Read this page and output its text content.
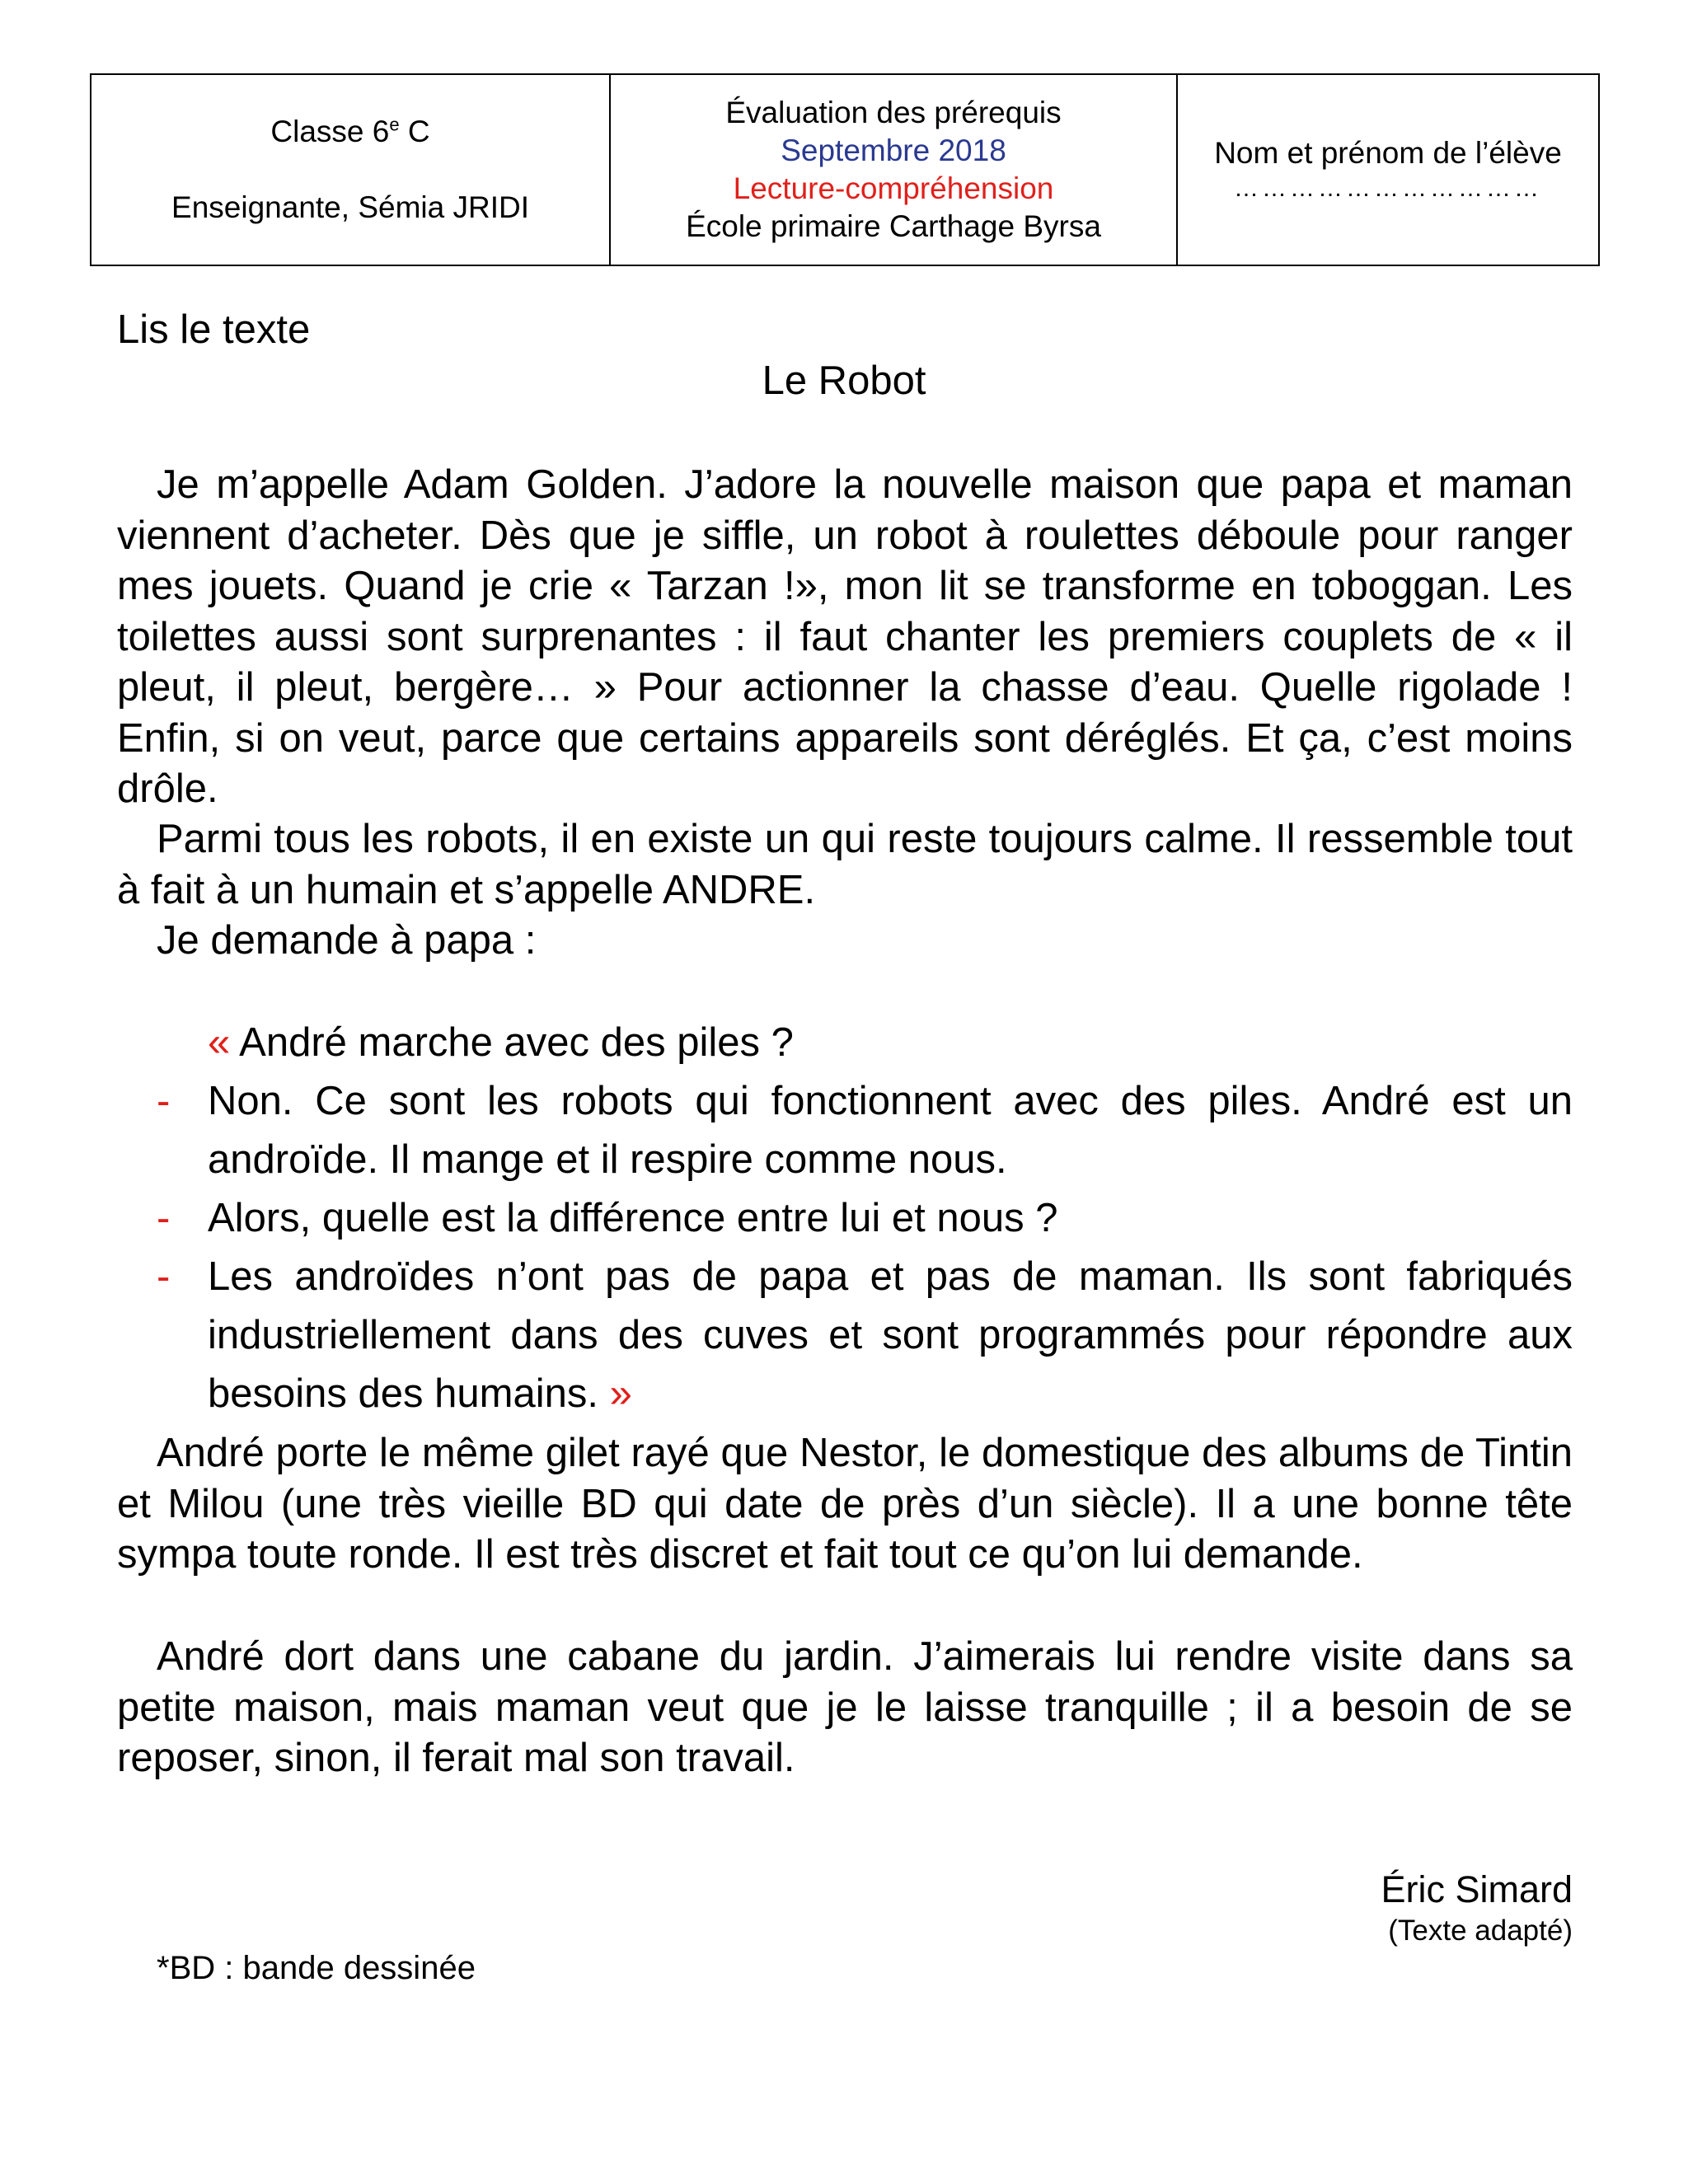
Classe 6e C
Enseignante, Sémia JRIDI
Évaluation des prérequis
Septembre 2018
Lecture-compréhension
École primaire Carthage Byrsa
Nom et prénom de l’élève
……………………………
Lis le texte
Le Robot

Je m’appelle Adam Golden. J’adore la nouvelle maison que papa et maman viennent d’acheter. Dès que je siffle, un robot à roulettes déboule pour ranger mes jouets. Quand je crie « Tarzan !», mon lit se transforme en toboggan. Les toilettes aussi sont surprenantes : il faut chanter les premiers couplets de « il pleut, il pleut, bergère… » Pour actionner la chasse d’eau. Quelle rigolade ! Enfin, si on veut, parce que certains appareils sont déréglés. Et ça, c’est moins drôle.

Parmi tous les robots, il en existe un qui reste toujours calme. Il ressemble tout à fait à un humain et s’appelle ANDRE.

Je demande à papa :

« André marche avec des piles ?
- Non. Ce sont les robots qui fonctionnent avec des piles. André est un androïde. Il mange et il respire comme nous.
- Alors, quelle est la différence entre lui et nous ?
- Les androïdes n’ont pas de papa et pas de maman. Ils sont fabriqués industriellement dans des cuves et sont programmés pour répondre aux besoins des humains. »

André porte le même gilet rayé que Nestor, le domestique des albums de Tintin et Milou (une très vieille BD qui date de près d’un siècle). Il a une bonne tête sympa toute ronde. Il est très discret et fait tout ce qu’on lui demande.

André dort dans une cabane du jardin. J’aimerais lui rendre visite dans sa petite maison, mais maman veut que je le laisse tranquille ; il a besoin de se reposer, sinon, il ferait mal son travail.

Éric Simard
(Texte adapté)
*BD : bande dessinée
